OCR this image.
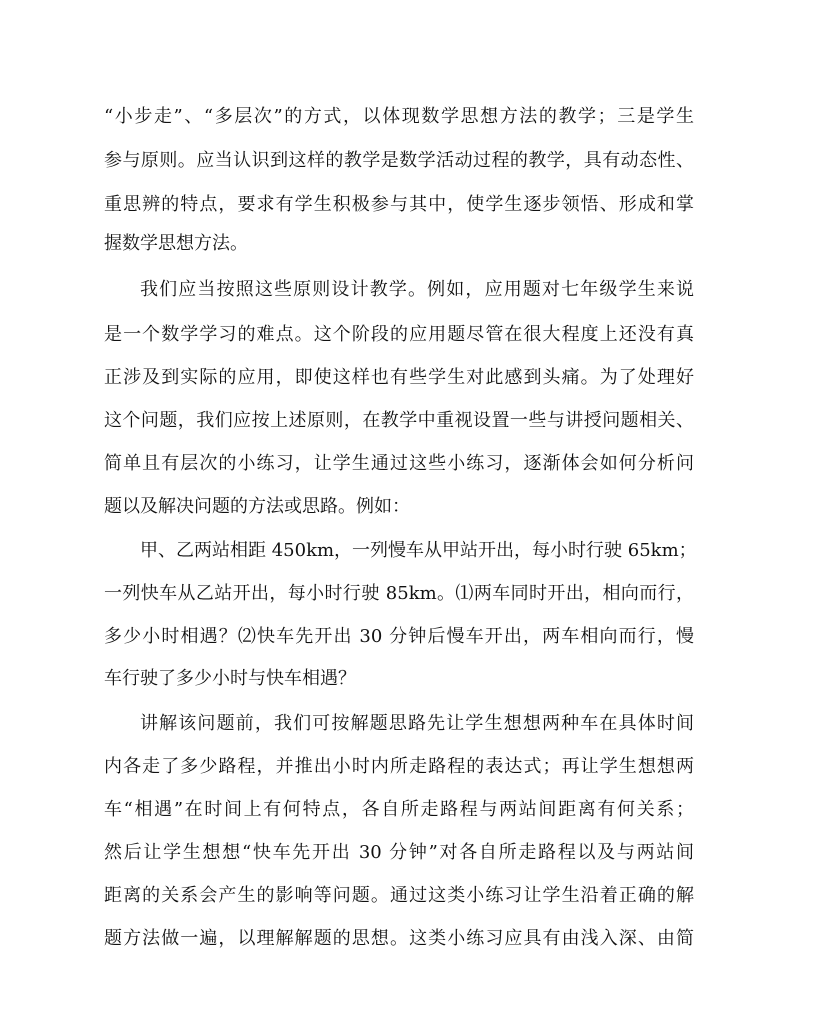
“小步走”、“多层次”的方式，以体现数学思想方法的教学；三是学生
参与原则。应当认识到这样的教学是数学活动过程的教学，具有动态性、
重思辨的特点，要求有学生积极参与其中，使学生逐步领悟、形成和掌
握数学思想方法。
我们应当按照这些原则设计教学。例如，应用题对七年级学生来说
是一个数学学习的难点。这个阶段的应用题尽管在很大程度上还没有真
正涉及到实际的应用，即使这样也有些学生对此感到头痛。为了处理好
这个问题，我们应按上述原则，在教学中重视设置一些与讲授问题相关、
简单且有层次的小练习，让学生通过这些小练习，逐渐体会如何分析问
题以及解决问题的方法或思路。例如：
甲、乙两站相距 450km，一列慢车从甲站开出，每小时行驶 65km；
一列快车从乙站开出，每小时行驶 85km。⑴两车同时开出，相向而行，
多少小时相遇？⑵快车先开出 30 分钟后慢车开出，两车相向而行，慢
车行驶了多少小时与快车相遇？
讲解该问题前，我们可按解题思路先让学生想想两种车在具体时间
内各走了多少路程，并推出小时内所走路程的表达式；再让学生想想两
车“相遇”在时间上有何特点，各自所走路程与两站间距离有何关系；
然后让学生想想“快车先开出 30 分钟”对各自所走路程以及与两站间
距离的关系会产生的影响等问题。通过这类小练习让学生沿着正确的解
题方法做一遍，以理解解题的思想。这类小练习应具有由浅入深、由简
